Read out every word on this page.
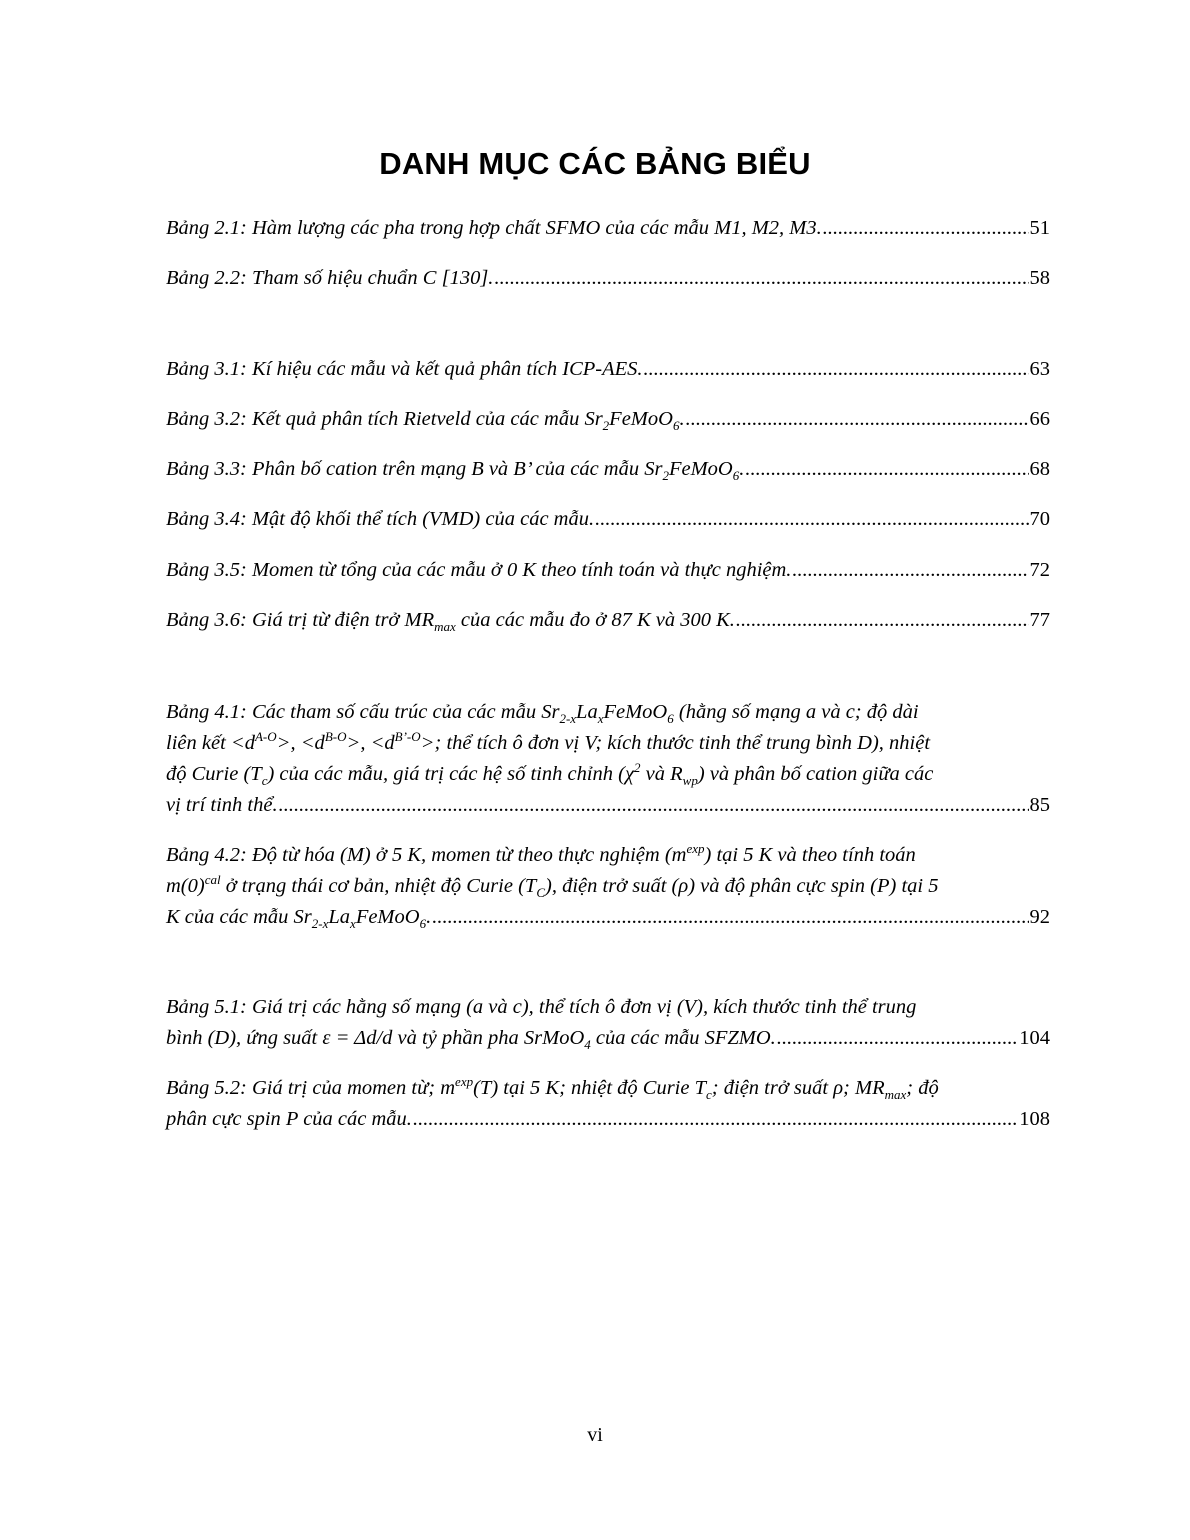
DANH MỤC CÁC BẢNG BIỂU
Bảng 2.1: Hàm lượng các pha trong hợp chất SFMO của các mẫu M1, M2, M3. .....	51
Bảng 2.2: Tham số hiệu chuẩn C [130]. .....	58
Bảng 3.1: Kí hiệu các mẫu và kết quả phân tích ICP-AES. .....	63
Bảng 3.2: Kết quả phân tích Rietveld của các mẫu $Sr_2FeMoO_6$. .....	66
Bảng 3.3: Phân bố cation trên mạng B và B’ của các mẫu $Sr_2FeMoO_6$. .....	68
Bảng 3.4: Mật độ khối thể tích (VMD) của các mẫu. .....	70
Bảng 3.5: Momen từ tổng của các mẫu ở 0 K theo tính toán và thực nghiệm. .....	72
Bảng 3.6: Giá trị từ điện trở $MR_{max}$ của các mẫu đo ở 87 K và 300 K. .....	77
Bảng 4.1: Các tham số cấu trúc của các mẫu $Sr_{2-x}La_xFeMoO_6$ (hằng số mạng a và c; độ dài
liên kết $<d^{A-O}>$, $<d^{B-O}>$, $<d^{B’-O}>$; thể tích ô đơn vị V; kích thước tinh thể trung bình D), nhiệt
độ Curie $(T_c)$ của các mẫu, giá trị các hệ số tinh chỉnh ($\chi^2$ và $R_{wp}$) và phân bố cation giữa các
vị trí tinh thể. .....	85
Bảng 4.2: Độ từ hóa (M) ở 5 K, momen từ theo thực nghiệm $(m^{exp})$ tại 5 K và theo tính toán
$m(0)^{cal}$ ở trạng thái cơ bản, nhiệt độ Curie $(T_C)$, điện trở suất (ρ) và độ phân cực spin (P) tại 5
K của các mẫu $Sr_{2-x}La_xFeMoO_6$. .....	92
Bảng 5.1: Giá trị các hằng số mạng (a và c), thể tích ô đơn vị (V), kích thước tinh thể trung
bình (D), ứng suất ε = Δd/d và tỷ phần pha SrMoO$_4$ của các mẫu SFZMO. .....	104
Bảng 5.2: Giá trị của momen từ; $m^{exp}(T)$ tại 5 K; nhiệt độ Curie $T_c$; điện trở suất ρ; $MR_{max}$; độ
phân cực spin P của các mẫu. .....	108
vi
